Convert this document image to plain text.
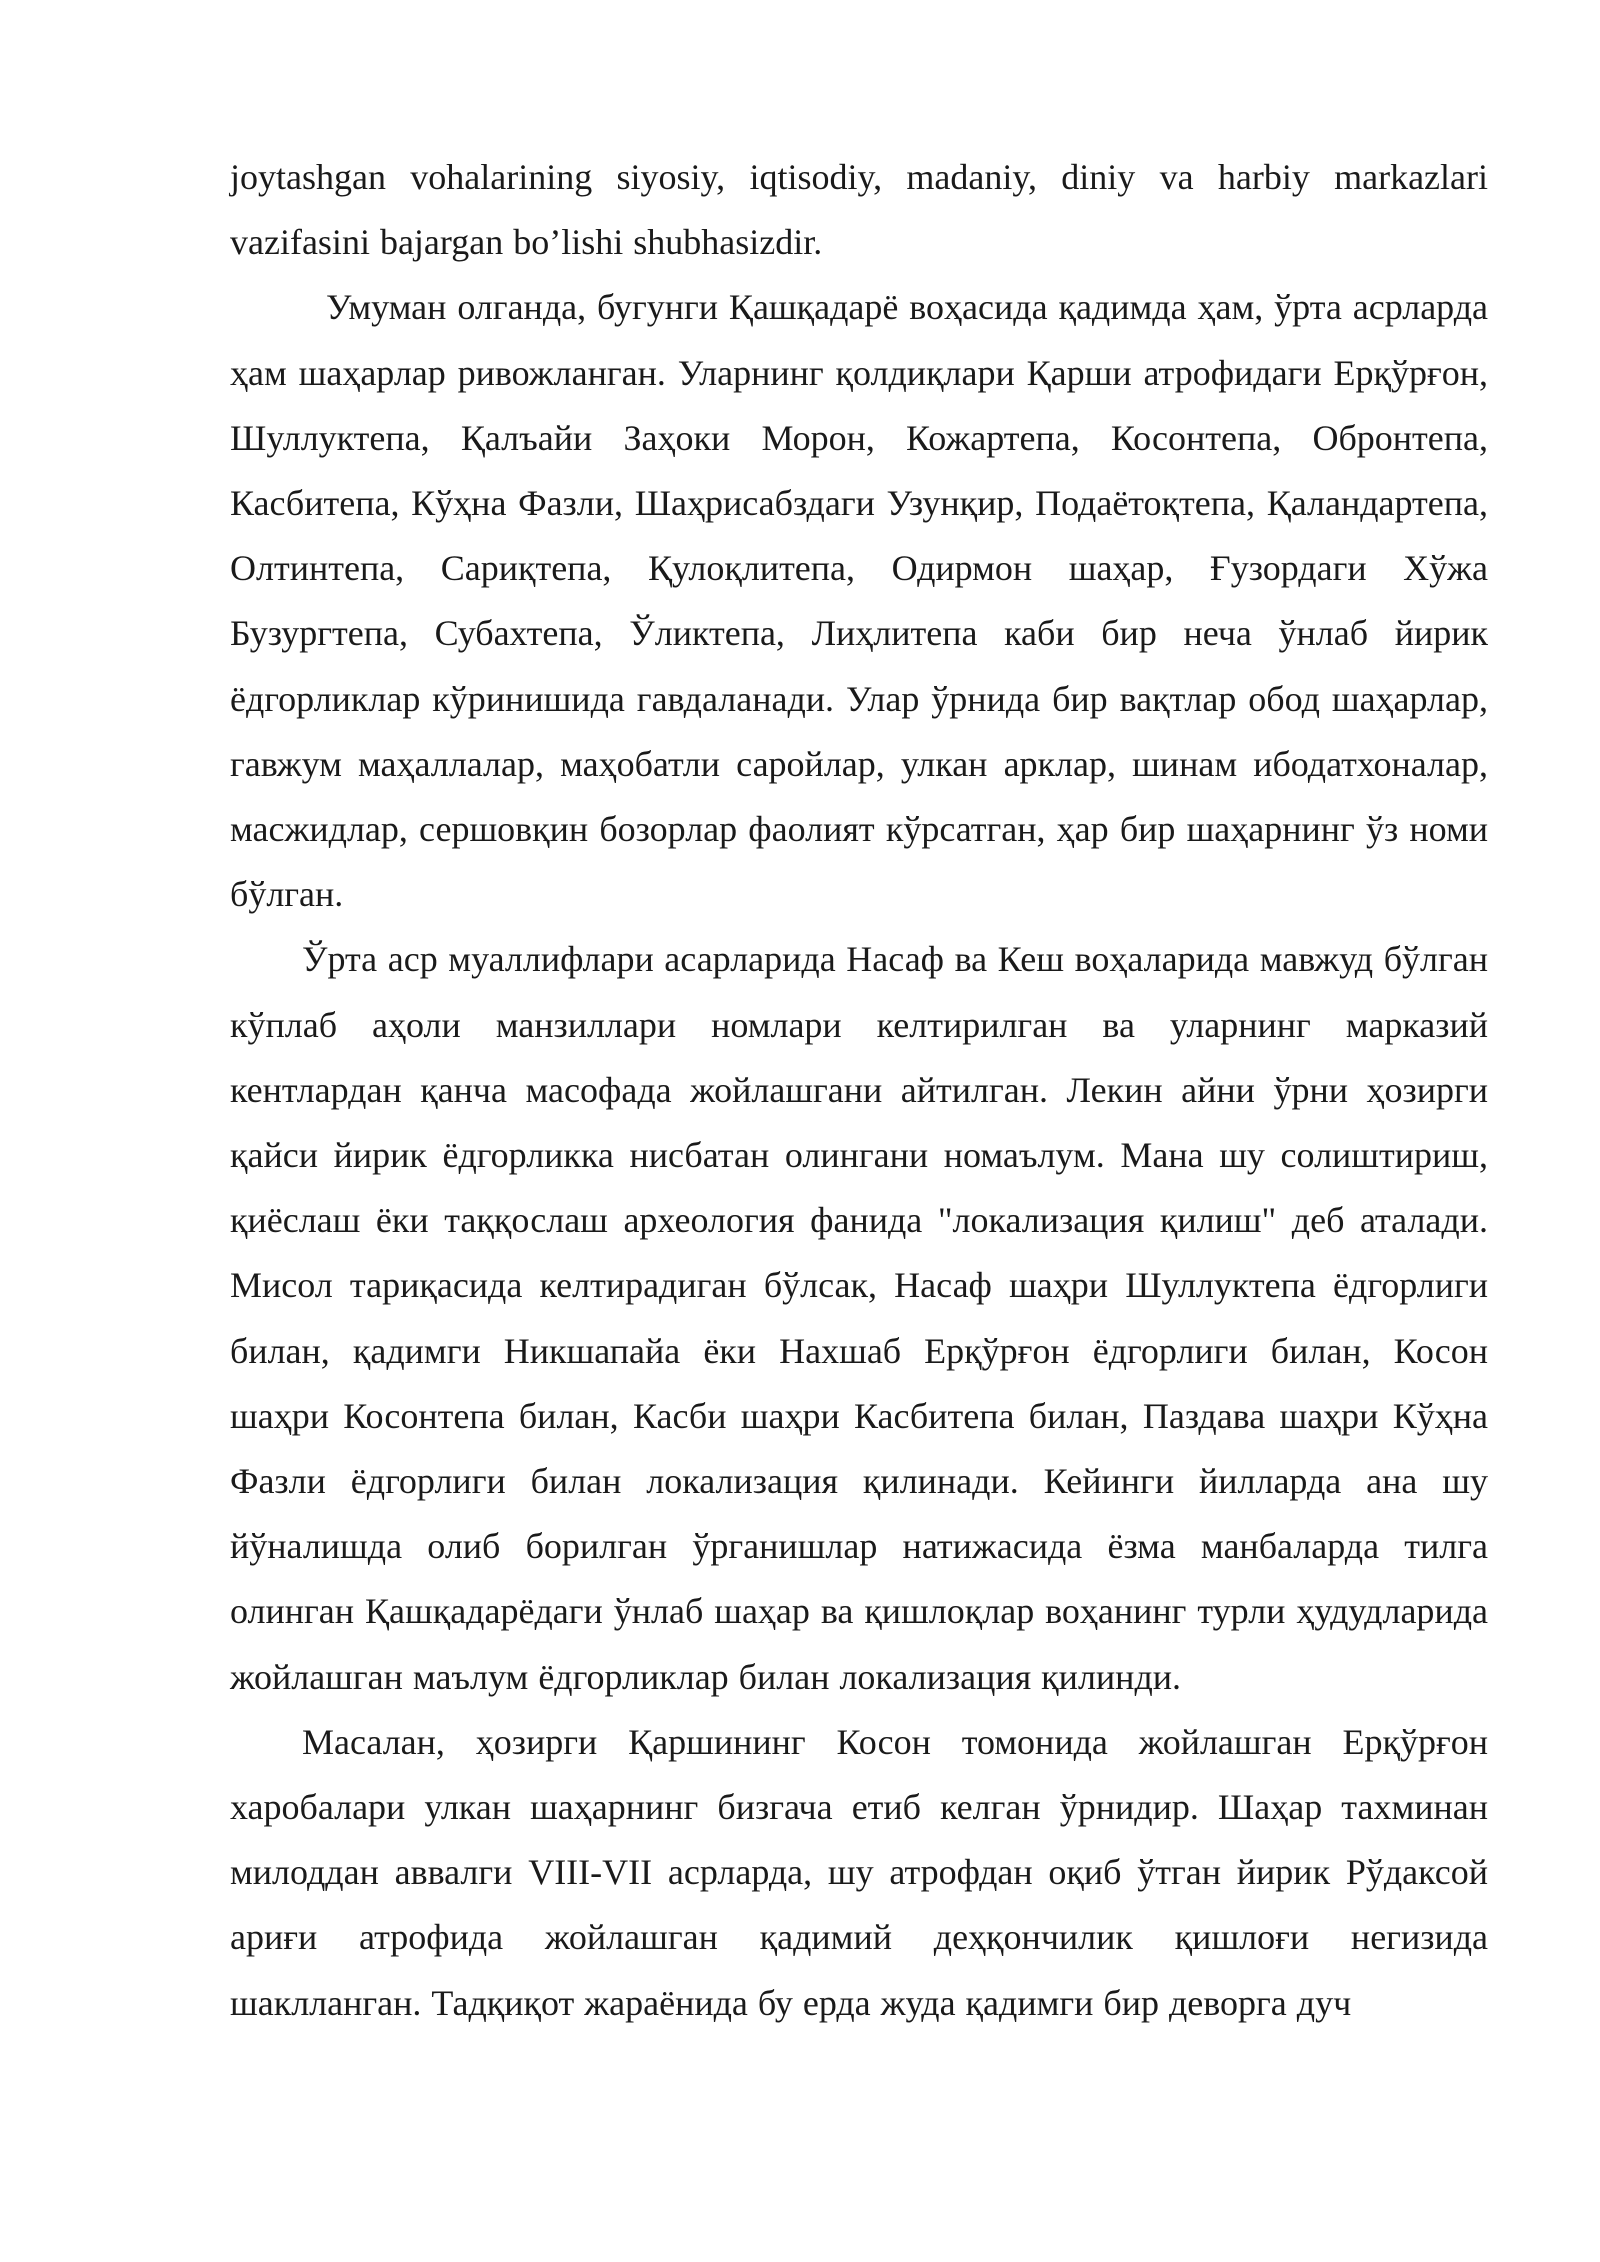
joytashgan vohalarining siyosiy, iqtisodiy, madaniy, diniy va harbiy markazlari vazifasini bajargan bo’lishi shubhasizdir.

Умуман олганда, бугунги Қашқадарё воҳасида қадимда ҳам, ўрта асрларда ҳам шаҳарлар ривожланган. Уларнинг қолдиқлари Қарши атрофидаги Ерқўрғон, Шуллуктепа, Қалъайи Заҳоки Морон, Кожартепа, Косонтепа, Обронтепа, Касбитепа, Кўҳна Фазли, Шаҳрисабздаги Узунқир, Подаётоқтепа, Қаландартепа, Олтинтепа, Сариқтепа, Қулоқлитепа, Одирмон шаҳар, Ғузордаги Хўжа Бузургтепа, Субахтепа, Ўликтепа, Лиҳлитепа каби бир неча ўнлаб йирик ёдгорликлар кўринишида гавдаланади. Улар ўрнида бир вақтлар обод шаҳарлар, гавжум маҳаллалар, маҳобатли саройлар, улкан арклар, шинам ибодатхоналар, масжидлар, сершовқин бозорлар фаолият кўрсатган, ҳар бир шаҳарнинг ўз номи бўлган.

Ўрта аср муаллифлари асарларида Насаф ва Кеш воҳаларида мавжуд бўлган кўплаб аҳоли манзиллари номлари келтирилган ва уларнинг марказий кентлардан қанча масофада жойлашгани айтилган. Лекин айни ўрни ҳозирги қайси йирик ёдгорликка нисбатан олингани номаълум. Мана шу солиштириш, қиёслаш ёки таққослаш археология фанида "локализация қилиш" деб аталади. Мисол тариқасида келтирадиган бўлсак, Насаф шаҳри Шуллуктепа ёдгорлиги билан, қадимги Никшапайа ёки Нахшаб Ерқўрғон ёдгорлиги билан, Косон шаҳри Косонтепа билан, Касби шаҳри Касбитепа билан, Паздава шаҳри Кўҳна Фазли ёдгорлиги билан локализация қилинади. Кейинги йилларда ана шу йўналишда олиб борилган ўрганишлар натижасида ёзма манбаларда тилга олинган Қашқадарёдаги ўнлаб шаҳар ва қишлоқлар воҳанинг турли ҳудудларида жойлашган маълум ёдгорликлар билан локализация қилинди.

Масалан, ҳозирги Қаршининг Косон томонида жойлашган Ерқўрғон харобалари улкан шаҳарнинг бизгача етиб келган ўрнидир. Шаҳар тахминан милоддан аввалги VIII-VII асрларда, шу атрофдан оқиб ўтган йирик Рўдаксой ариғи атрофида жойлашган қадимий деҳқончилик қишлоғи негизида шаклланган. Тадқиқот жараёнида бу ерда жуда қадимги бир деворга дуч
